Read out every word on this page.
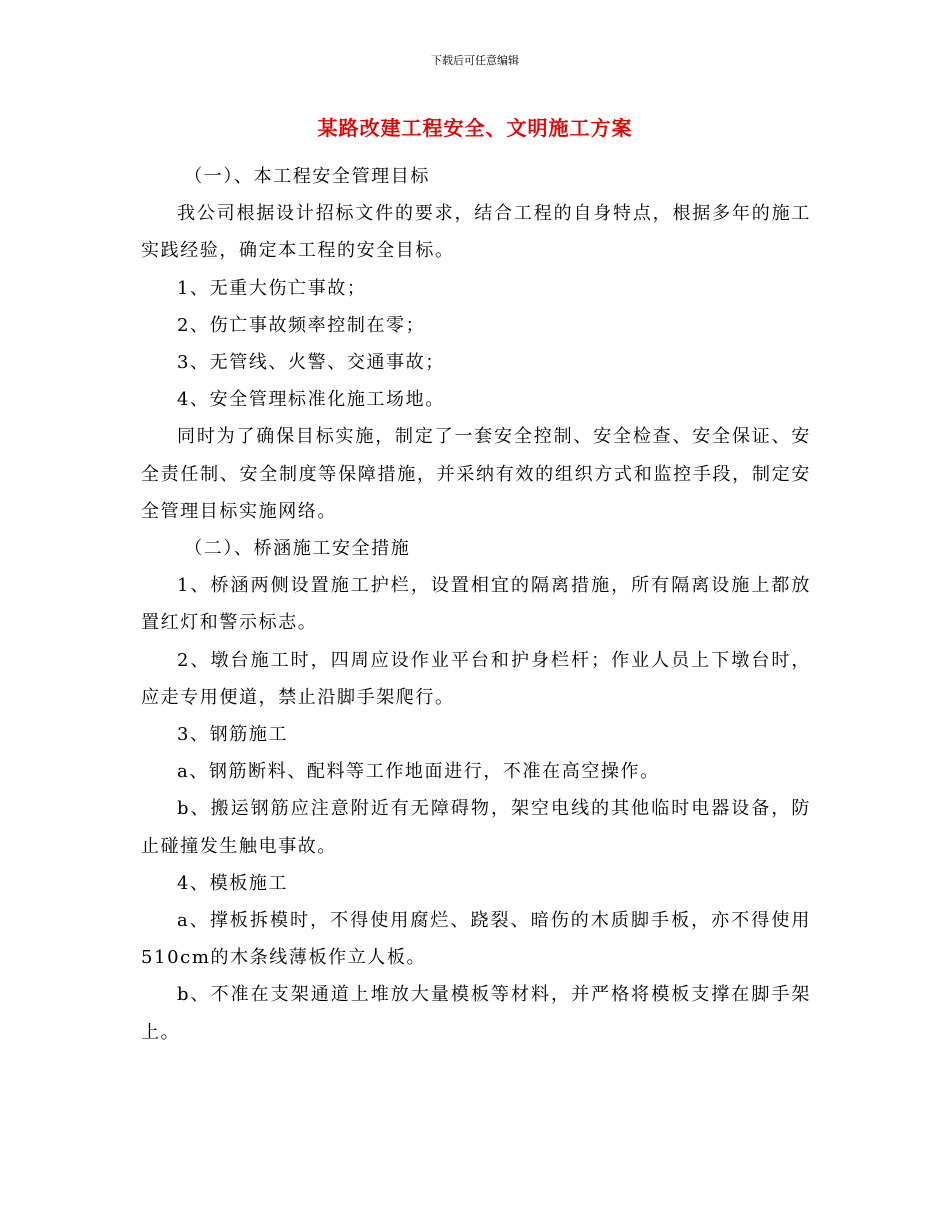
下载后可任意编辑
某路改建工程安全、文明施工方案

（一）、本工程安全管理目标

我公司根据设计招标文件的要求，结合工程的自身特点，根据多年的施工实践经验，确定本工程的安全目标。

1、无重大伤亡事故；

2、伤亡事故频率控制在零；

3、无管线、火警、交通事故；

4、安全管理标准化施工场地。

同时为了确保目标实施，制定了一套安全控制、安全检查、安全保证、安全责任制、安全制度等保障措施，并采纳有效的组织方式和监控手段，制定安全管理目标实施网络。

（二）、桥涵施工安全措施

1、桥涵两侧设置施工护栏，设置相宜的隔离措施，所有隔离设施上都放置红灯和警示标志。

2、墩台施工时，四周应设作业平台和护身栏杆；作业人员上下墩台时，应走专用便道，禁止沿脚手架爬行。

3、钢筋施工

a、钢筋断料、配料等工作地面进行，不准在高空操作。

b、搬运钢筋应注意附近有无障碍物，架空电线的其他临时电器设备，防止碰撞发生触电事故。

4、模板施工

a、撑板拆模时，不得使用腐烂、跷裂、暗伤的木质脚手板，亦不得使用510cm的木条线薄板作立人板。

b、不准在支架通道上堆放大量模板等材料，并严格将模板支撑在脚手架上。
